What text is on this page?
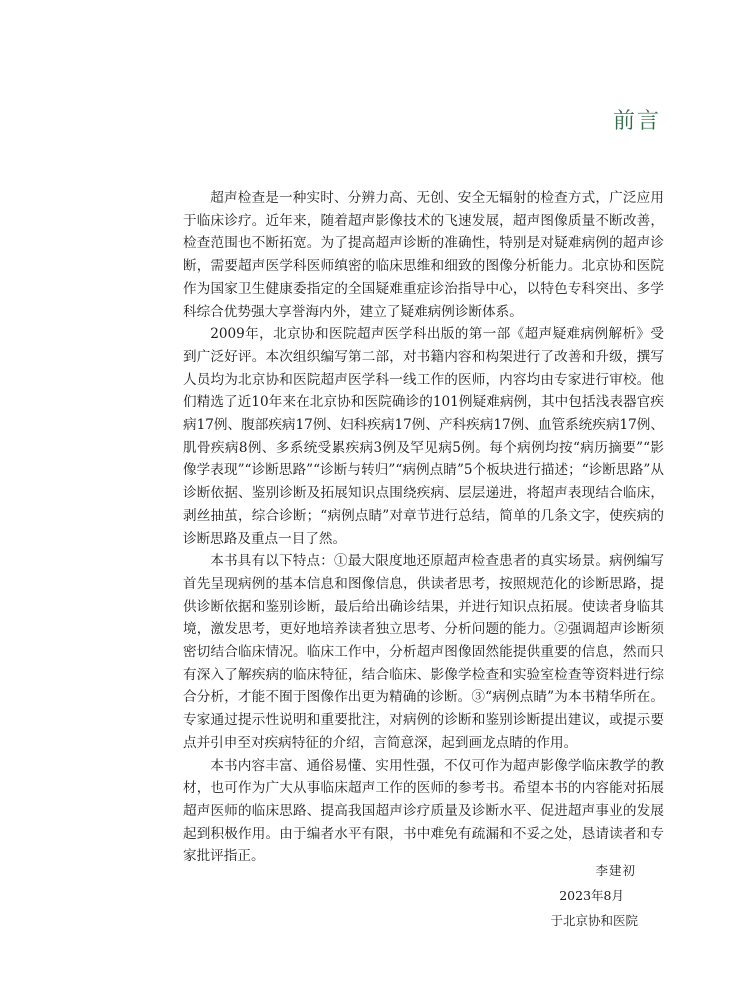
前言

超声检查是一种实时、分辨力高、无创、安全无辐射的检查方式，广泛应用于临床诊疗。近年来，随着超声影像技术的飞速发展，超声图像质量不断改善，检查范围也不断拓宽。为了提高超声诊断的准确性，特别是对疑难病例的超声诊断，需要超声医学科医师缜密的临床思维和细致的图像分析能力。北京协和医院作为国家卫生健康委指定的全国疑难重症诊治指导中心，以特色专科突出、多学科综合优势强大享誉海内外，建立了疑难病例诊断体系。

2009年，北京协和医院超声医学科出版的第一部《超声疑难病例解析》受到广泛好评。本次组织编写第二部，对书籍内容和构架进行了改善和升级，撰写人员均为北京协和医院超声医学科一线工作的医师，内容均由专家进行审校。他们精选了近10年来在北京协和医院确诊的101例疑难病例，其中包括浅表器官疾病17例、腹部疾病17例、妇科疾病17例、产科疾病17例、血管系统疾病17例、肌骨疾病8例、多系统受累疾病3例及罕见病5例。每个病例均按“病历摘要”“影像学表现”“诊断思路”“诊断与转归”“病例点睛”5个板块进行描述；“诊断思路”从诊断依据、鉴别诊断及拓展知识点围绕疾病、层层递进，将超声表现结合临床，剥丝抽茧，综合诊断；“病例点睛”对章节进行总结，简单的几条文字，使疾病的诊断思路及重点一目了然。

本书具有以下特点：①最大限度地还原超声检查患者的真实场景。病例编写首先呈现病例的基本信息和图像信息，供读者思考，按照规范化的诊断思路，提供诊断依据和鉴别诊断，最后给出确诊结果，并进行知识点拓展。使读者身临其境，激发思考，更好地培养读者独立思考、分析问题的能力。②强调超声诊断须密切结合临床情况。临床工作中，分析超声图像固然能提供重要的信息，然而只有深入了解疾病的临床特征，结合临床、影像学检查和实验室检查等资料进行综合分析，才能不囿于图像作出更为精确的诊断。③“病例点睛”为本书精华所在。专家通过提示性说明和重要批注，对病例的诊断和鉴别诊断提出建议，或提示要点并引申至对疾病特征的介绍，言简意深，起到画龙点睛的作用。

本书内容丰富、通俗易懂、实用性强，不仅可作为超声影像学临床教学的教材，也可作为广大从事临床超声工作的医师的参考书。希望本书的内容能对拓展超声医师的临床思路、提高我国超声诊疗质量及诊断水平、促进超声事业的发展起到积极作用。由于编者水平有限，书中难免有疏漏和不妥之处，恳请读者和专家批评指正。

李建初
2023年8月
于北京协和医院
